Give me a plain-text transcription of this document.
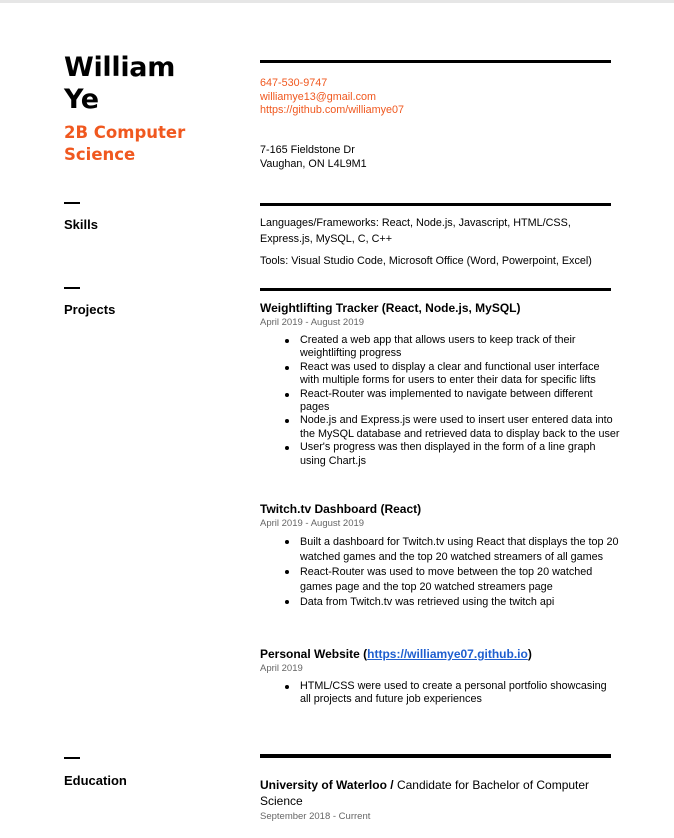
William
Ye
2B Computer
Science
647-530-9747
williamye13@gmail.com
https://github.com/williamye07
7-165 Fieldstone Dr
Vaughan, ON L4L9M1
Skills	Languages/Frameworks: React, Node.js, Javascript, HTML/CSS, Express.js, MySQL, C, C++

Tools: Visual Studio Code, Microsoft Office (Word, Powerpoint, Excel)

Projects	Weightlifting Tracker (React, Node.js, MySQL)

April 2019 - August 2019

Created a web app that allows users to keep track of their weightlifting progress
React was used to display a clear and functional user interface with multiple forms for users to enter their data for specific lifts
React-Router was implemented to navigate between different pages
Node.js and Express.js were used to insert user entered data into the MySQL database and retrieved data to display back to the user
User's progress was then displayed in the form of a line graph using Chart.js

Twitch.tv Dashboard (React)

April 2019 - August 2019

Built a dashboard for Twitch.tv using React that displays the top 20 watched games and the top 20 watched streamers of all games
React-Router was used to move between the top 20 watched games page and the top 20 watched streamers page
Data from Twitch.tv was retrieved using the twitch api

Personal Website (https://williamye07.github.io)

April 2019

HTML/CSS were used to create a personal portfolio showcasing all projects and future job experiences
Education	University of Waterloo / Candidate for Bachelor of Computer Science

September 2018 - Current
